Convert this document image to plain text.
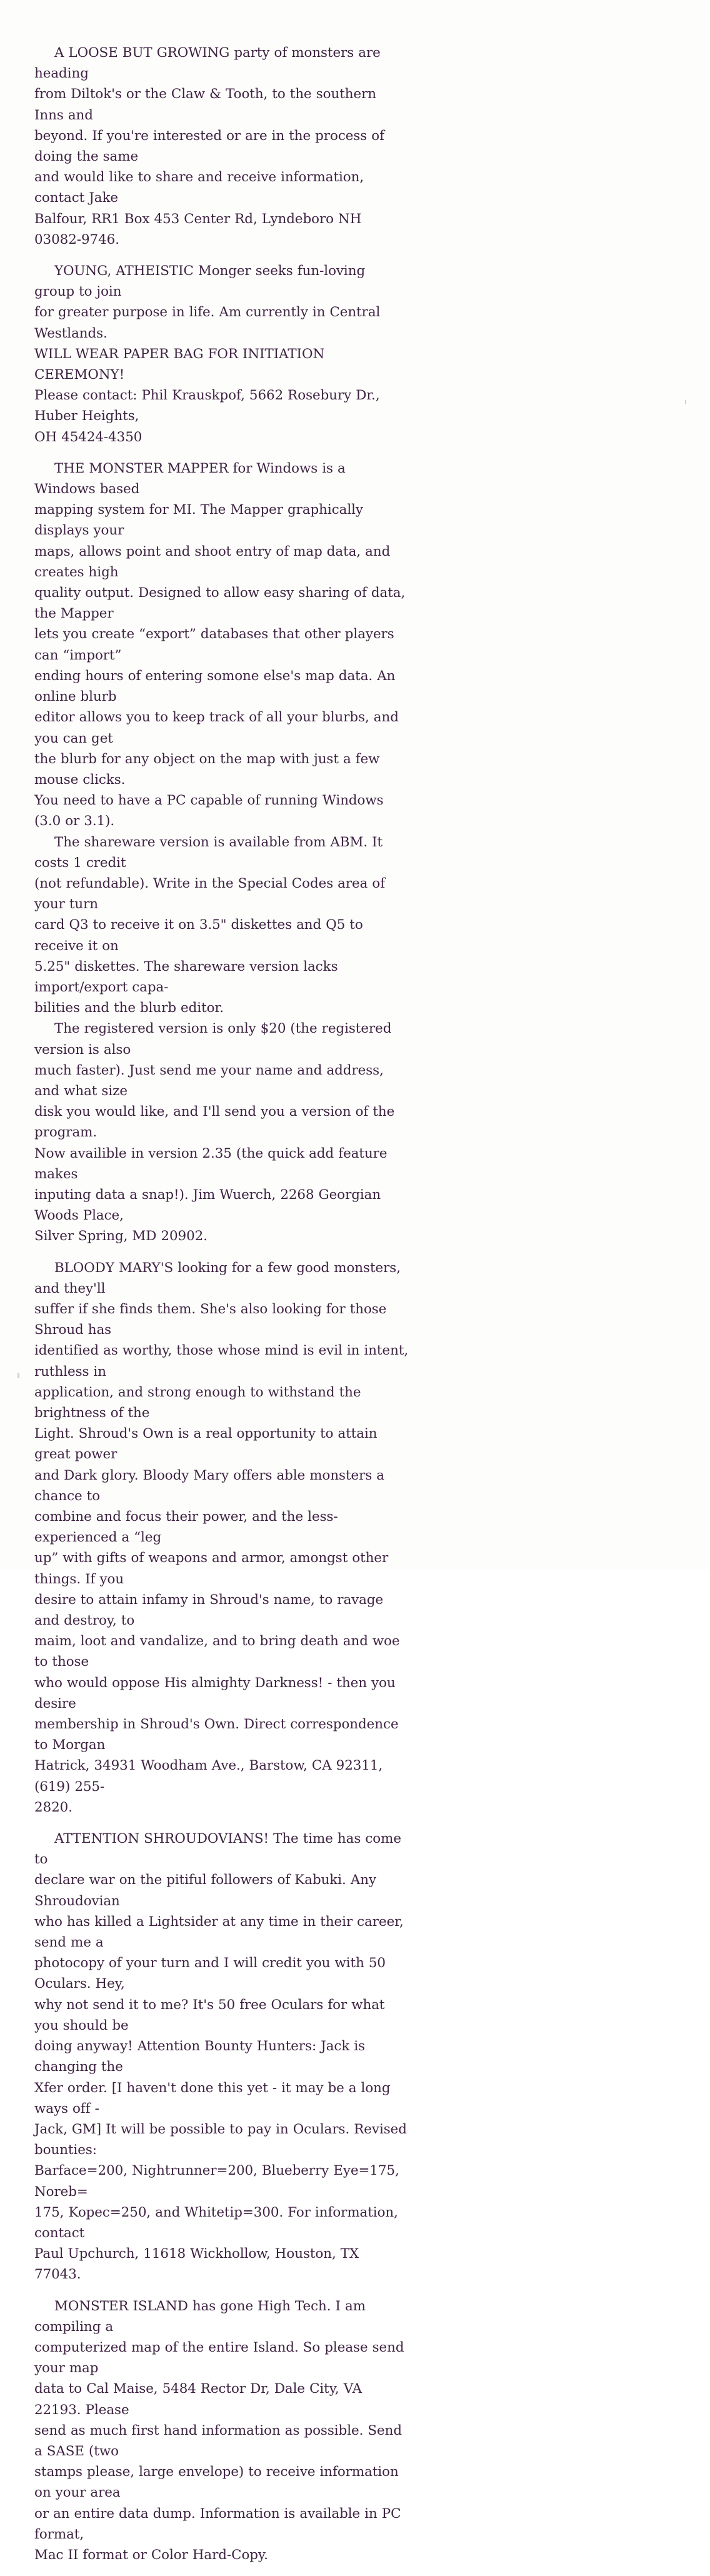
  A LOOSE BUT GROWING party of monsters are heading
from Diltok's or the Claw & Tooth, to the southern Inns and
beyond. If you're interested or are in the process of doing the same
and would like to share and receive information, contact Jake
Balfour, RR1 Box 453 Center Rd, Lyndeboro NH 03082-9746.

  YOUNG, ATHEISTIC Monger seeks fun-loving group to join
for greater purpose in life. Am currently in Central Westlands.
WILL WEAR PAPER BAG FOR INITIATION CEREMONY!
Please contact: Phil Krauskpof, 5662 Rosebury Dr., Huber Heights,
OH 45424-4350

  THE MONSTER MAPPER for Windows is a Windows based
mapping system for MI. The Mapper graphically displays your
maps, allows point and shoot entry of map data, and creates high
quality output. Designed to allow easy sharing of data, the Mapper
lets you create “export” databases that other players can “import”
ending hours of entering somone else's map data. An online blurb
editor allows you to keep track of all your blurbs, and you can get
the blurb for any object on the map with just a few mouse clicks.
You need to have a PC capable of running Windows (3.0 or 3.1).

  The shareware version is available from ABM. It costs 1 credit
(not refundable). Write in the Special Codes area of your turn
card Q3 to receive it on 3.5" diskettes and Q5 to receive it on
5.25" diskettes. The shareware version lacks import/export capa-
bilities and the blurb editor.

  The registered version is only $20 (the registered version is also
much faster). Just send me your name and address, and what size
disk you would like, and I'll send you a version of the program.
Now availible in version 2.35 (the quick add feature makes
inputing data a snap!). Jim Wuerch, 2268 Georgian Woods Place,
Silver Spring, MD 20902.

  BLOODY MARY'S looking for a few good monsters, and they'll
suffer if she finds them. She's also looking for those Shroud has
identified as worthy, those whose mind is evil in intent, ruthless in
application, and strong enough to withstand the brightness of the
Light. Shroud's Own is a real opportunity to attain great power
and Dark glory. Bloody Mary offers able monsters a chance to
combine and focus their power, and the less-experienced a “leg
up” with gifts of weapons and armor, amongst other things. If you
desire to attain infamy in Shroud's name, to ravage and destroy, to
maim, loot and vandalize, and to bring death and woe to those
who would oppose His almighty Darkness! - then you desire
membership in Shroud's Own. Direct correspondence to Morgan
Hatrick, 34931 Woodham Ave., Barstow, CA 92311, (619) 255-
2820.

  ATTENTION SHROUDOVIANS! The time has come to
declare war on the pitiful followers of Kabuki. Any Shroudovian
who has killed a Lightsider at any time in their career, send me a
photocopy of your turn and I will credit you with 50 Oculars. Hey,
why not send it to me? It's 50 free Oculars for what you should be
doing anyway! Attention Bounty Hunters: Jack is changing the
Xfer order. [I haven't done this yet - it may be a long ways off -
Jack, GM] It will be possible to pay in Oculars. Revised bounties:
Barface=200, Nightrunner=200, Blueberry Eye=175, Noreb=
175, Kopec=250, and Whitetip=300. For information, contact
Paul Upchurch, 11618 Wickhollow, Houston, TX 77043.

  MONSTER ISLAND has gone High Tech. I am compiling a
computerized map of the entire Island. So please send your map
data to Cal Maise, 5484 Rector Dr, Dale City, VA 22193. Please
send as much first hand information as possible. Send a SASE (two
stamps please, large envelope) to receive information on your area
or an entire data dump. Information is available in PC format,
Mac II format or Color Hard-Copy.
